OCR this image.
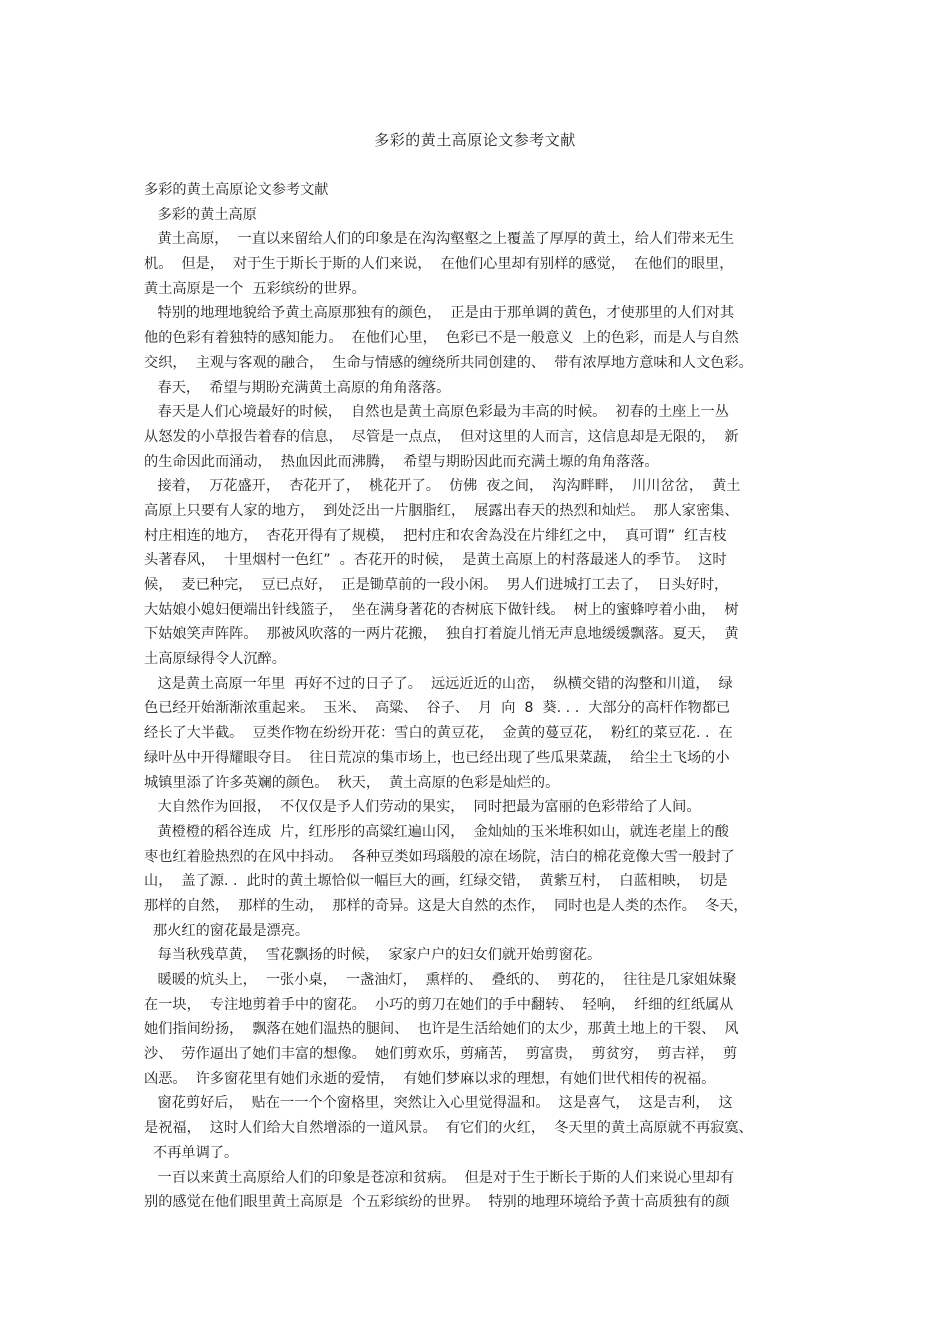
多彩的黄土高原论文参考文献
多彩的黄土高原论文参考文献
多彩的黄土高原
黄土高原，  一直以来留给人们的印象是在沟沟壑壑之上覆盖了厚厚的黄土，给人们带来无生
机。  但是，  对于生于斯长于斯的人们来说，  在他们心里却有别样的感觉，  在他们的眼里，
黄土高原是一个  五彩缤纷的世界。
特别的地理地貌给予黄土高原那独有的颜色，  正是由于那单调的黄色，才使那里的人们对其
他的色彩有着独特的感知能力。  在他们心里，  色彩已不是一般意义  上的色彩，而是人与自然
交织，  主观与客观的融合，  生命与情感的缠绕所共同创建的、  带有浓厚地方意味和人文色彩。
春天，  希望与期盼充满黄土高原的角角落落。
春天是人们心境最好的时候，  自然也是黄土高原色彩最为丰高的时候。  初春的土座上一丛
从怒发的小草报告着春的信息，  尽管是一点点，  但对这里的人而言，这信息却是无限的，  新
的生命因此而涌动，  热血因此而沸腾，  希望与期盼因此而充满土塬的角角落落。
接着，  万花盛开，  杏花开了，  桃花开了。  仿佛  夜之间，  沟沟畔畔，  川川岔岔，  黄土
高原上只要有人家的地方，  到处泛出一片胭脂红，  展露出春天的热烈和灿烂。  那人家密集、
村庄相连的地方，  杏花开得有了规模，  把村庄和农舍為没在片绯红之中，  真可谓”  红吉枝
头著春风，  十里烟村一色红”  。杏花开的时候，  是黄土高原上的村落最迷人的季节。  这时
候，  麦已种完，  豆已点好，  正是锄草前的一段小闲。  男人们进城打工去了，  日头好时，
大姑娘小媳妇便端出针线篮子，  坐在满身著花的杏树底下做针线。  树上的蜜蜂哼着小曲，  树
下姑娘笑声阵阵。  那被风吹落的一两片花搬，  独自打着旋儿悄无声息地缓缓飘落。夏天，  黄
土高原绿得令人沉醉。
这是黄土高原一年里  再好不过的日子了。  远远近近的山峦，  纵横交错的沟整和川道，  绿
色已经开始渐渐浓重起来。  玉米、  高粱、  谷子、  月  向  8  葵. . .  大部分的高杆作物都已
经长了大半截。  豆类作物在纷纷开花：雪白的黄豆花，  金黄的蔓豆花，  粉红的菜豆花. .  在
绿叶丛中开得耀眼夺目。  往日荒凉的集市场上，也已经出现了些瓜果菜蔬，  给尘土飞场的小
城镇里添了许多英斓的颜色。  秋天，  黄土高原的色彩是灿烂的。
大自然作为回报，  不仅仅是予人们劳动的果实，  同时把最为富丽的色彩带给了人间。
黄橙橙的稻谷连成  片，红彤彤的高粱红遍山冈，  金灿灿的玉米堆积如山，就连老崖上的酸
枣也红着脸热烈的在风中抖动。  各种豆类如玛瑙般的凉在场院，洁白的棉花竟像大雪一般封了
山，  盖了源. .  此时的黄土塬恰似一幅巨大的画，红绿交错，  黄紫互村，  白蓝相映，  切是
那样的自然，  那样的生动，  那样的奇异。这是大自然的杰作，  同时也是人类的杰作。  冬天，
那火红的窗花最是漂亮。
每当秋残草黄，  雪花飘扬的时候，  家家户户的妇女们就开始剪窗花。
暖暖的炕头上，  一张小桌，  一盏油灯，  熏样的、  叠纸的、  剪花的，  往往是几家姐妹聚
在一块，  专注地剪着手中的窗花。  小巧的剪刀在她们的手中翻转、  轻响，  纤细的红纸属从
她们指间纷扬，  飘落在她们温热的腿间、  也许是生活给她们的太少，那黄土地上的干裂、  风
沙、  劳作逼出了她们丰富的想像。  她们剪欢乐，剪痛苦，  剪富贵，  剪贫穷，  剪吉祥，  剪
凶恶。  许多窗花里有她们永逝的爱情，  有她们梦麻以求的理想，有她们世代相传的祝福。
窗花剪好后，  贴在一一个个窗格里，突然让入心里觉得温和。  这是喜气，  这是吉利，  这
是祝福，  这时人们给大自然增添的一道风景。  有它们的火红，  冬天里的黄土高原就不再寂寞、
不再单调了。
一百以来黄土高原给人们的印象是苍凉和贫病。  但是对于生于断长于斯的人们来说心里却有
别的感觉在他们眼里黄土高原是  个五彩缤纷的世界。  特别的地理环境给予黄十高质独有的颜
